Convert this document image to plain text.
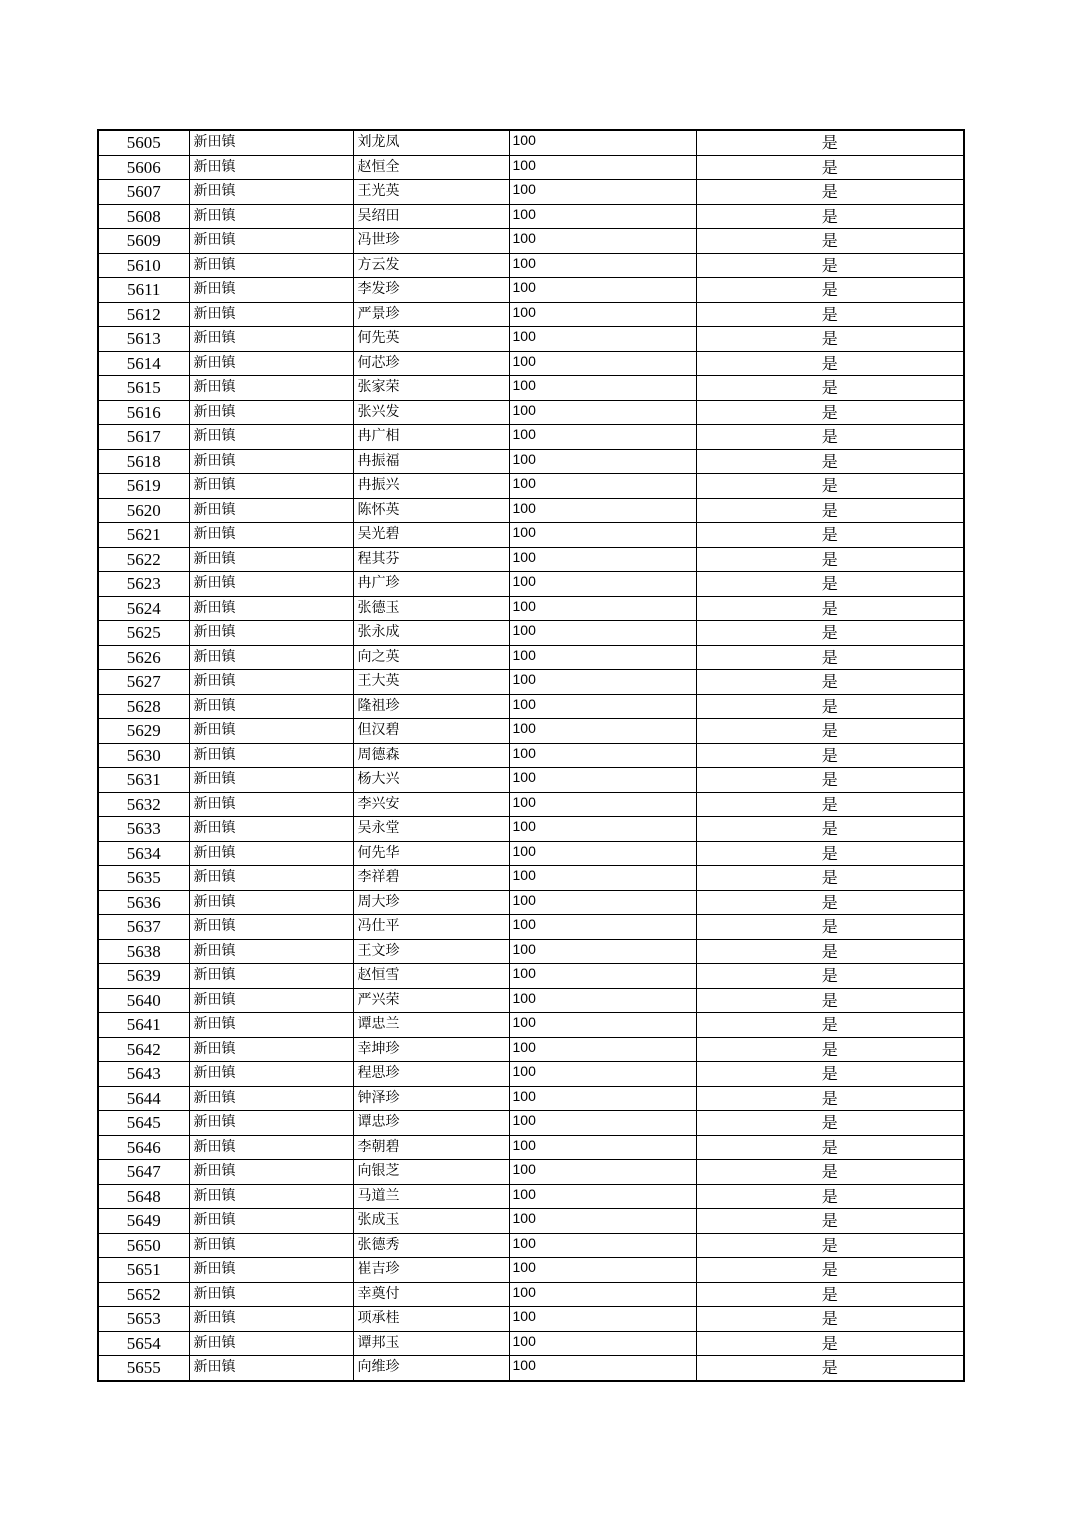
5605	新田镇	刘龙凤	100	是
5606	新田镇	赵恒全	100	是
5607	新田镇	王光英	100	是
5608	新田镇	吴绍田	100	是
5609	新田镇	冯世珍	100	是
5610	新田镇	方云发	100	是
5611	新田镇	李发珍	100	是
5612	新田镇	严景珍	100	是
5613	新田镇	何先英	100	是
5614	新田镇	何芯珍	100	是
5615	新田镇	张家荣	100	是
5616	新田镇	张兴发	100	是
5617	新田镇	冉广相	100	是
5618	新田镇	冉振福	100	是
5619	新田镇	冉振兴	100	是
5620	新田镇	陈怀英	100	是
5621	新田镇	吴光碧	100	是
5622	新田镇	程其芬	100	是
5623	新田镇	冉广珍	100	是
5624	新田镇	张德玉	100	是
5625	新田镇	张永成	100	是
5626	新田镇	向之英	100	是
5627	新田镇	王大英	100	是
5628	新田镇	隆祖珍	100	是
5629	新田镇	但汉碧	100	是
5630	新田镇	周德森	100	是
5631	新田镇	杨大兴	100	是
5632	新田镇	李兴安	100	是
5633	新田镇	吴永堂	100	是
5634	新田镇	何先华	100	是
5635	新田镇	李祥碧	100	是
5636	新田镇	周大珍	100	是
5637	新田镇	冯仕平	100	是
5638	新田镇	王文珍	100	是
5639	新田镇	赵恒雪	100	是
5640	新田镇	严兴荣	100	是
5641	新田镇	谭忠兰	100	是
5642	新田镇	幸坤珍	100	是
5643	新田镇	程思珍	100	是
5644	新田镇	钟泽珍	100	是
5645	新田镇	谭忠珍	100	是
5646	新田镇	李朝碧	100	是
5647	新田镇	向银芝	100	是
5648	新田镇	马道兰	100	是
5649	新田镇	张成玉	100	是
5650	新田镇	张德秀	100	是
5651	新田镇	崔吉珍	100	是
5652	新田镇	幸奠付	100	是
5653	新田镇	项承桂	100	是
5654	新田镇	谭邦玉	100	是
5655	新田镇	向维珍	100	是
